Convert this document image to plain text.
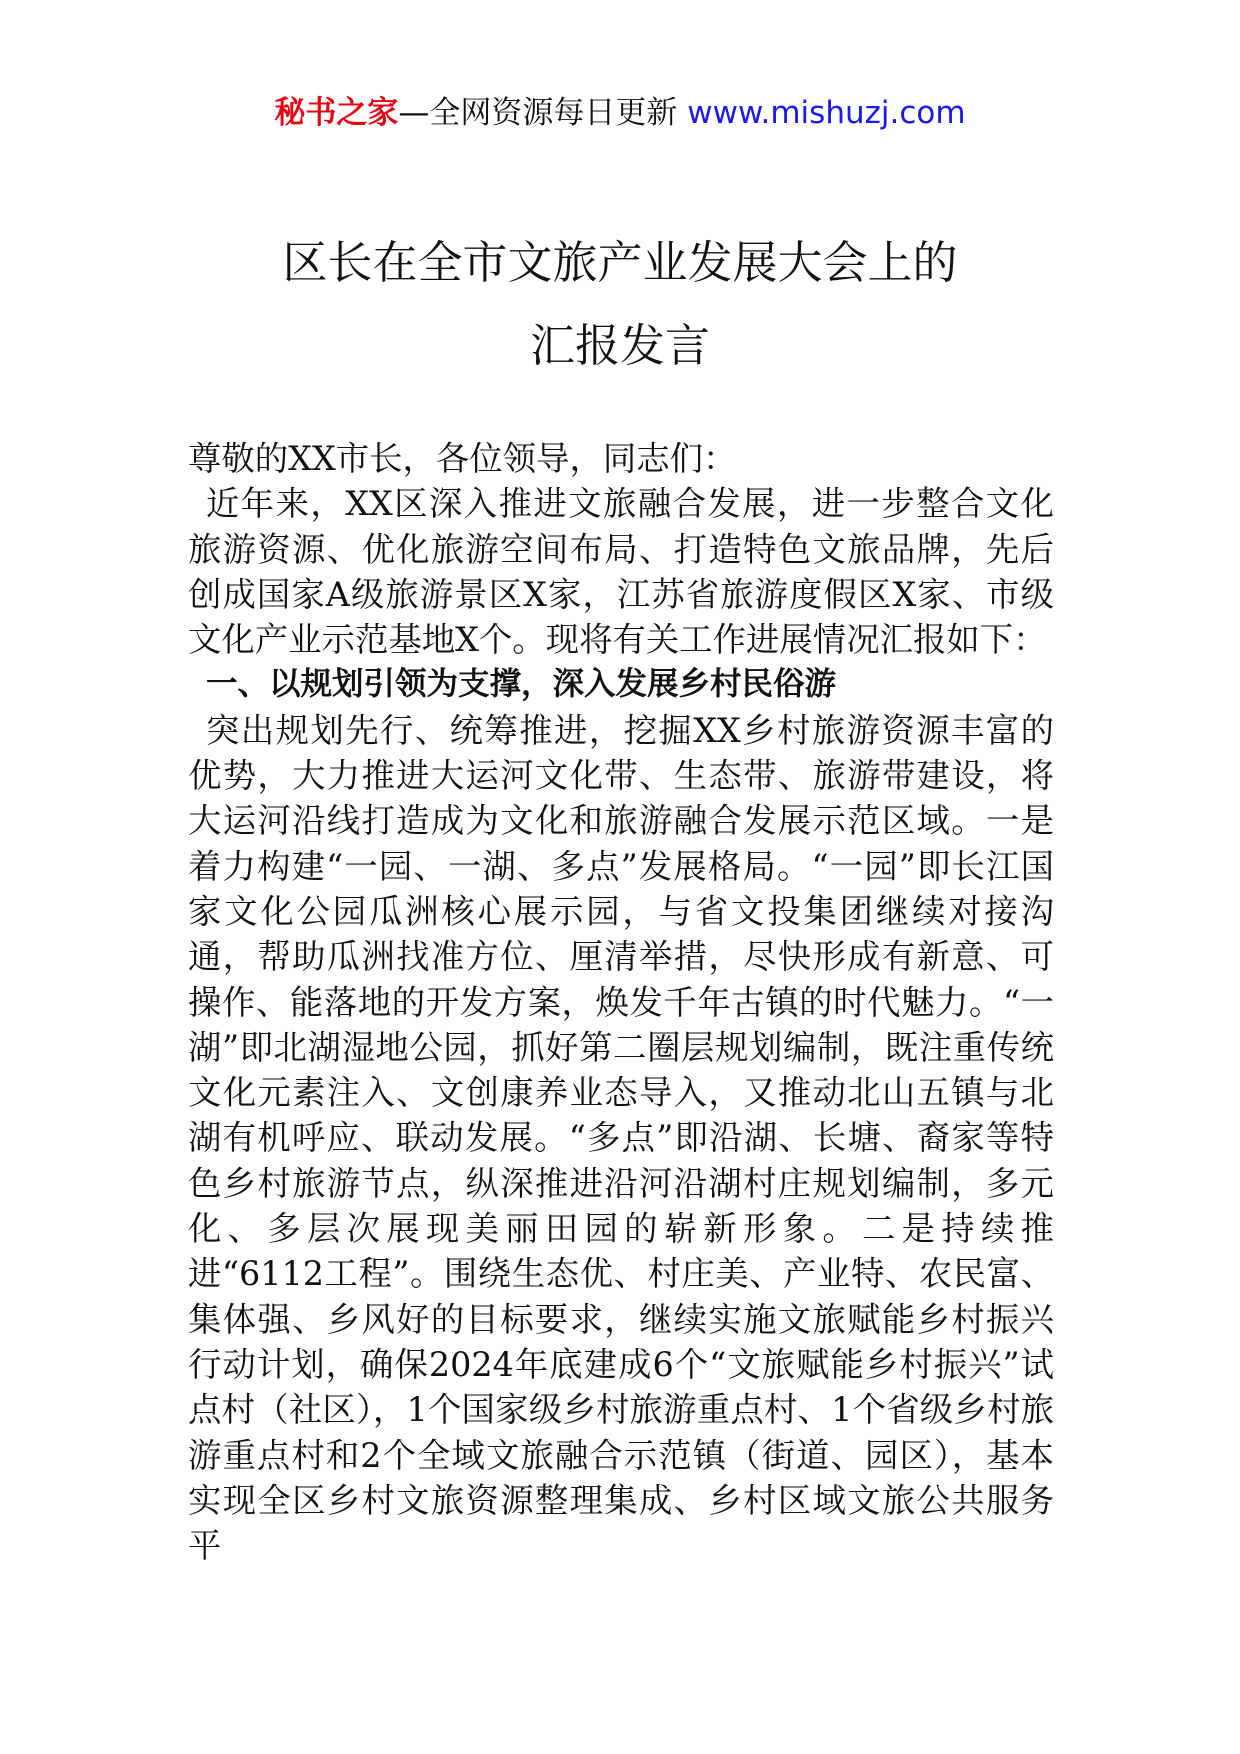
秘书之家—全网资源每日更新 www.mishuzj.com
区长在全市文旅产业发展大会上的
汇报发言

尊敬的XX市长，各位领导，同志们：

近年来，XX区深入推进文旅融合发展，进一步整合文化旅游资源、优化旅游空间布局、打造特色文旅品牌，先后创成国家A级旅游景区X家，江苏省旅游度假区X家、市级文化产业示范基地X个。现将有关工作进展情况汇报如下：

一、以规划引领为支撑，深入发展乡村民俗游

突出规划先行、统筹推进，挖掘XX乡村旅游资源丰富的优势，大力推进大运河文化带、生态带、旅游带建设，将大运河沿线打造成为文化和旅游融合发展示范区域。一是着力构建“一园、一湖、多点”发展格局。“一园”即长江国家文化公园瓜洲核心展示园，与省文投集团继续对接沟通，帮助瓜洲找准方位、厘清举措，尽快形成有新意、可操作、能落地的开发方案，焕发千年古镇的时代魅力。“一湖”即北湖湿地公园，抓好第二圈层规划编制，既注重传统文化元素注入、文创康养业态导入，又推动北山五镇与北湖有机呼应、联动发展。“多点”即沿湖、长塘、裔家等特色乡村旅游节点，纵深推进沿河沿湖村庄规划编制，多元化、多层次展现美丽田园的崭新形象。二是持续推进“6112工程”。围绕生态优、村庄美、产业特、农民富、集体强、乡风好的目标要求，继续实施文旅赋能乡村振兴行动计划，确保2024年底建成6个“文旅赋能乡村振兴”试点村（社区），1个国家级乡村旅游重点村、1个省级乡村旅游重点村和2个全域文旅融合示范镇（街道、园区），基本实现全区乡村文旅资源整理集成、乡村区域文旅公共服务平
